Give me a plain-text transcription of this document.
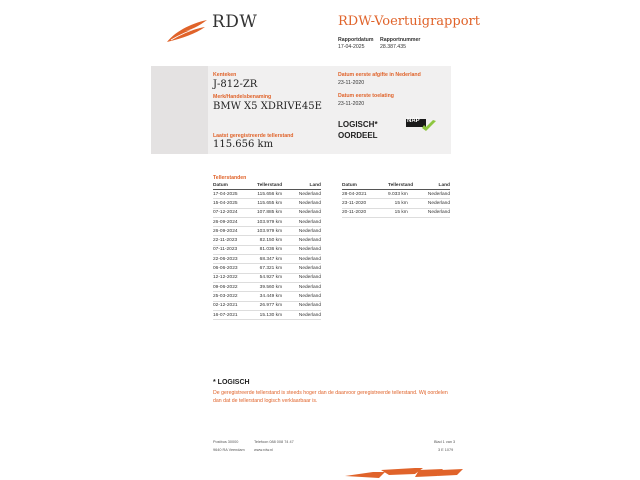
RDW	RDW-Voertuigrapport
Rapportdatum
17-04-2025
Rapportnummer
28.387.435
Kenteken
J-812-ZR
Merk/Handelsbenaming
BMW X5 XDRIVE45E
Laatst geregistreerde tellerstand
115.656 km
Datum eerste afgifte in Nederland
23-11-2020
Datum eerste toelating
23-11-2020
LOGISCH*
OORDEEL
NAP
Tellerstanden
Datum	Tellerstand	Land
17-04-2025	115.656 km	Nederland
15-04-2025	115.655 km	Nederland
07-12-2024	107.885 km	Nederland
26-09-2024	103.979 km	Nederland
26-09-2024	103.979 km	Nederland
22-11-2023	82.150 km	Nederland
07-11-2023	81.036 km	Nederland
22-06-2023	68.347 km	Nederland
06-06-2023	67.321 km	Nederland
12-12-2022	54.927 km	Nederland
09-06-2022	39.560 km	Nederland
25-03-2022	34.449 km	Nederland
02-12-2021	26.977 km	Nederland
16-07-2021	15.130 km	Nederland
Datum	Tellerstand	Land
28-04-2021	9.033 km	Nederland
23-11-2020	15 km	Nederland
20-11-2020	15 km	Nederland
* LOGISCH
De geregistreerde tellerstand is steeds hoger dan de daarvoor geregistreerde tellerstand. Wij oordelen dan dat de tellerstand logisch verklaarbaar is.
Postbus 30000	Telefoon 088 008 74 47	Blad 1 van 3
9640 RA Veendam www.rdw.nl	3 E 1079
